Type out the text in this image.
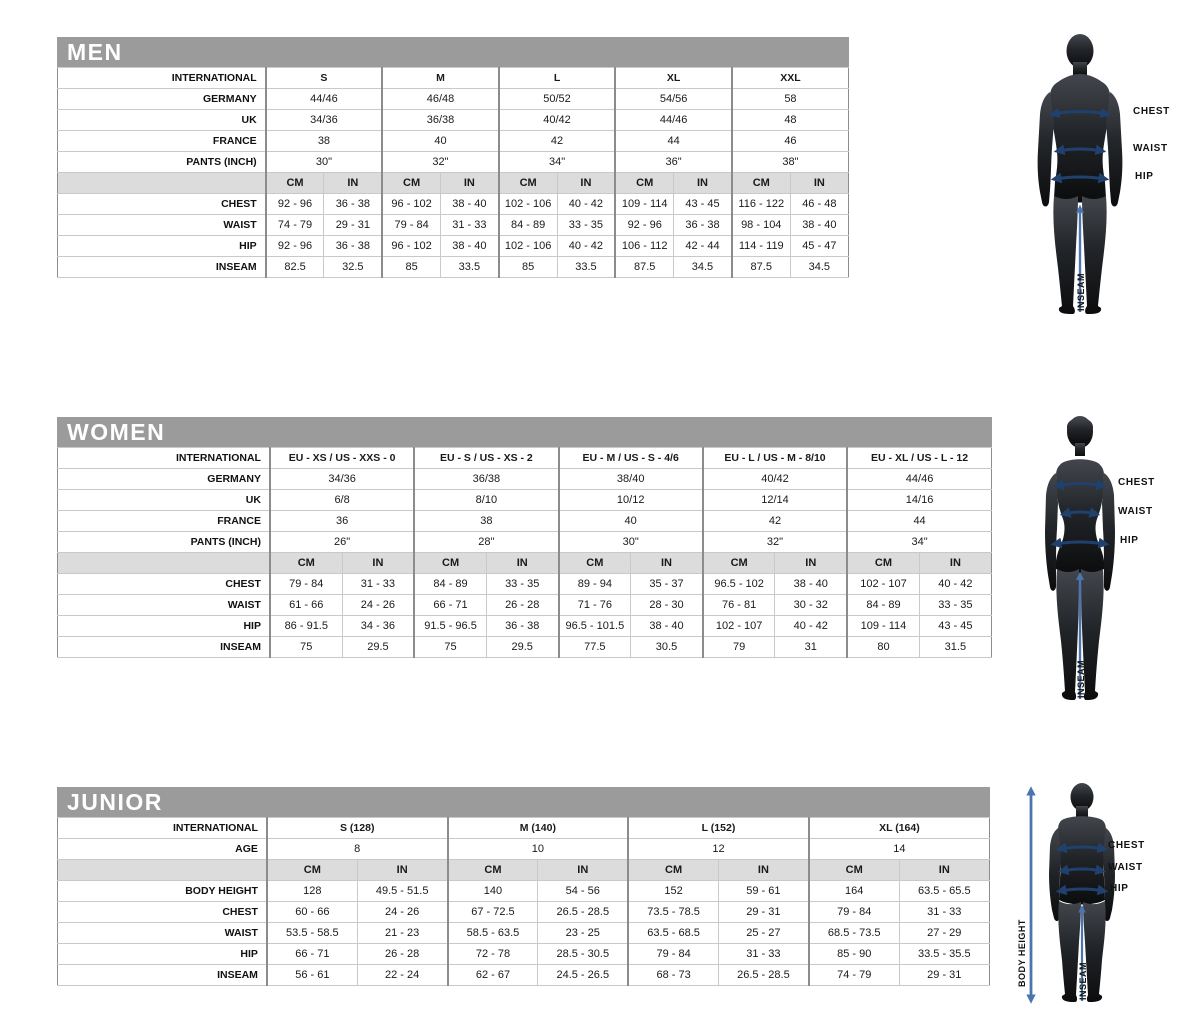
MEN
INTERNATIONAL	S		M		L		XL		XXL	
GERMANY	44/46		46/48		50/52		54/56		58	
UK	34/36		36/38		40/42		44/46		48	
FRANCE	38		40		42		44		46	
PANTS (INCH)	30"		32"		34"		36"		38"	
	CM	IN	CM	IN	CM	IN	CM	IN	CM	IN
CHEST	92 - 96	36 - 38	96 - 102	38 - 40	102 - 106	40 - 42	109 - 114	43 - 45	116 - 122	46 - 48
WAIST	74 - 79	29 - 31	79 - 84	31 - 33	84 - 89	33 - 35	92 - 96	36 - 38	98 - 104	38 - 40
HIP	92 - 96	36 - 38	96 - 102	38 - 40	102 - 106	40 - 42	106 - 112	42 - 44	114 - 119	45 - 47
INSEAM	82.5	32.5	85	33.5	85	33.5	87.5	34.5	87.5	34.5
WOMEN
INTERNATIONAL	EU - XS / US - XXS - 0		EU - S / US - XS - 2		EU - M / US - S - 4/6		EU - L / US - M - 8/10		EU - XL / US - L - 12	
GERMANY	34/36		36/38		38/40		40/42		44/46	
UK	6/8		8/10		10/12		12/14		14/16	
FRANCE	36		38		40		42		44	
PANTS (INCH)	26"		28"		30"		32"		34"	
	CM	IN	CM	IN	CM	IN	CM	IN	CM	IN
CHEST	79 - 84	31 - 33	84 - 89	33 - 35	89 - 94	35 - 37	96.5 - 102	38 - 40	102 - 107	40 - 42
WAIST	61 - 66	24 - 26	66 - 71	26 - 28	71 - 76	28 - 30	76 - 81	30 - 32	84 - 89	33 - 35
HIP	86 - 91.5	34 - 36	91.5 - 96.5	36 - 38	96.5 - 101.5	38 - 40	102 - 107	40 - 42	109 - 114	43 - 45
INSEAM	75	29.5	75	29.5	77.5	30.5	79	31	80	31.5
JUNIOR
INTERNATIONAL	S (128)		M (140)		L (152)		XL (164)	
AGE	8		10		12		14	
	CM	IN	CM	IN	CM	IN	CM	IN
BODY HEIGHT	128	49.5 - 51.5	140	54 - 56	152	59 - 61	164	63.5 - 65.5
CHEST	60 - 66	24 - 26	67 - 72.5	26.5 - 28.5	73.5 - 78.5	29 - 31	79 - 84	31 - 33
WAIST	53.5 - 58.5	21 - 23	58.5 - 63.5	23 - 25	63.5 - 68.5	25 - 27	68.5 - 73.5	27 - 29
HIP	66 - 71	26 - 28	72 - 78	28.5 - 30.5	79 - 84	31 - 33	85 - 90	33.5 - 35.5
INSEAM	56 - 61	22 - 24	62 - 67	24.5 - 26.5	68 - 73	26.5 - 28.5	74 - 79	29 - 31
INSEAM
CHEST
WAIST
HIP
INSEAM
CHEST
WAIST
HIP
BODY HEIGHT	INSEAM
CHEST
WAIST
HIP
